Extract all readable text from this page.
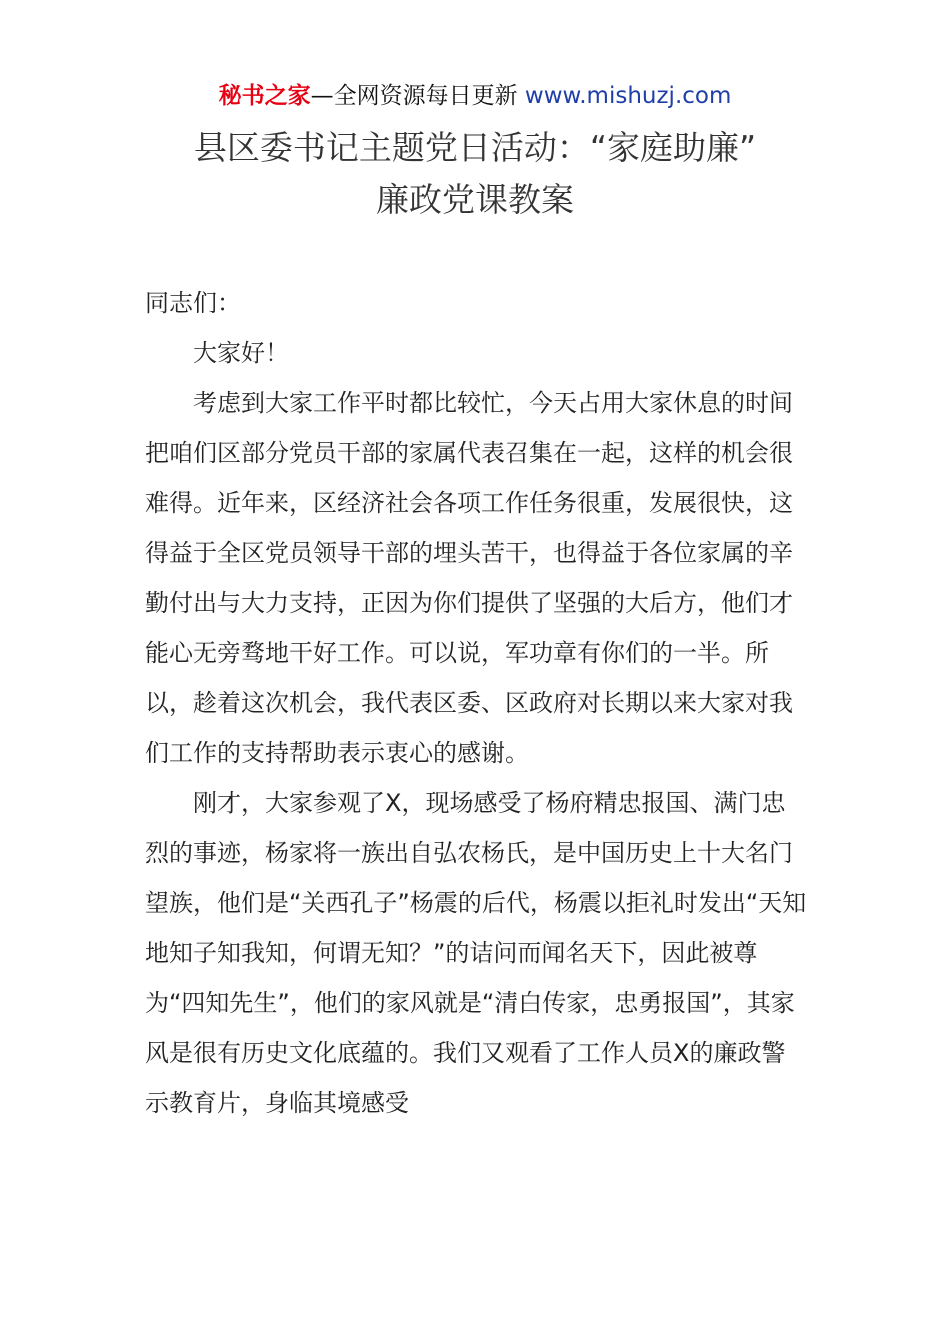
秘书之家—全网资源每日更新 www.mishuzj.com
县区委书记主题党日活动：“家庭助廉”
廉政党课教案

同志们：

大家好！

考虑到大家工作平时都比较忙，今天占用大家休息的时间把咱们区部分党员干部的家属代表召集在一起，这样的机会很难得。近年来，区经济社会各项工作任务很重，发展很快，这得益于全区党员领导干部的埋头苦干，也得益于各位家属的辛勤付出与大力支持，正因为你们提供了坚强的大后方，他们才能心无旁骛地干好工作。可以说，军功章有你们的一半。所以，趁着这次机会，我代表区委、区政府对长期以来大家对我们工作的支持帮助表示衷心的感谢。

刚才，大家参观了X，现场感受了杨府精忠报国、满门忠烈的事迹，杨家将一族出自弘农杨氏，是中国历史上十大名门望族，他们是“关西孔子”杨震的后代，杨震以拒礼时发出“天知地知子知我知，何谓无知？”的诘问而闻名天下，因此被尊为“四知先生”，他们的家风就是“清白传家，忠勇报国”，其家风是很有历史文化底蕴的。我们又观看了工作人员X的廉政警示教育片，身临其境感受
